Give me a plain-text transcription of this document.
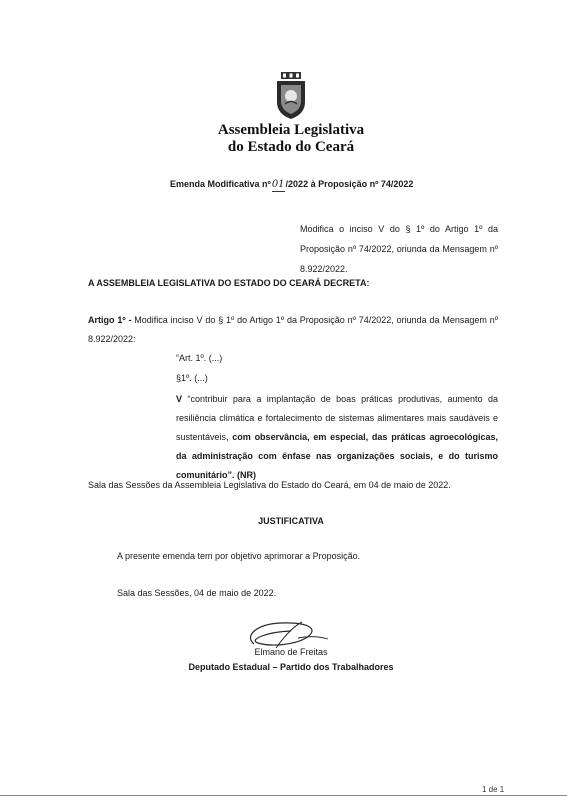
Assembleia Legislativa
do Estado do Ceará
Emenda Modificativa nº01/2022 à Proposição nº 74/2022
Modifica o inciso V do § 1º do Artigo 1º da Proposição nº 74/2022, oriunda da Mensagem nº 8.922/2022.
A ASSEMBLEIA LEGISLATIVA DO ESTADO DO CEARÁ DECRETA:
Artigo 1º - Modifica inciso V do § 1º do Artigo 1º da Proposição nº 74/2022, oriunda da Mensagem nº 8.922/2022:
“Art. 1º. (...)
§1º. (...)
V “contribuir para a implantação de boas práticas produtivas, aumento da resiliência climática e fortalecimento de sistemas alimentares mais saudáveis e sustentáveis, com observância, em especial, das práticas agroecológicas, da administração com ênfase nas organizações sociais, e do turismo comunitário”. (NR)
Sala das Sessões da Assembleia Legislativa do Estado do Ceará, em 04 de maio de 2022.
JUSTIFICATIVA
A presente emenda tem por objetivo aprimorar a Proposição.
Sala das Sessões, 04 de maio de 2022.
Elmano de Freitas
Deputado Estadual – Partido dos Trabalhadores
1 de 1
